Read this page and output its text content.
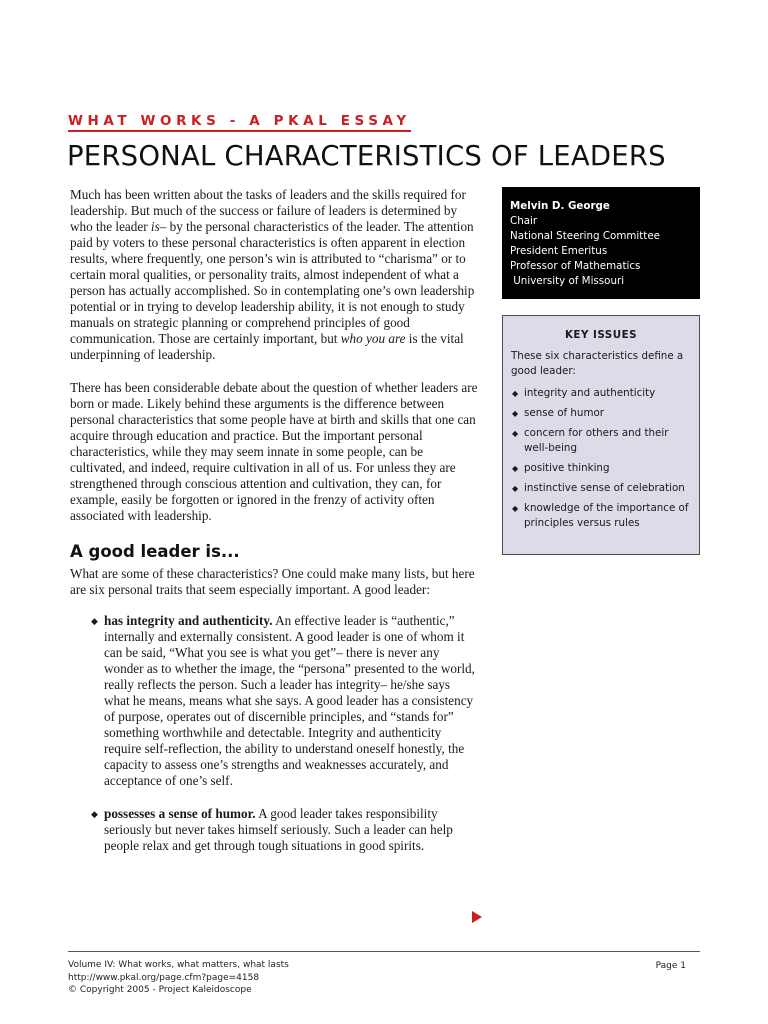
WHAT WORKS - A PKAL ESSAY
PERSONAL CHARACTERISTICS OF LEADERS

Much has been written about the tasks of leaders and the skills required for leadership. But much of the success or failure of leaders is determined by who the leader is– by the personal characteristics of the leader. The attention paid by voters to these personal characteristics is often apparent in election results, where frequently, one person’s win is attributed to “charisma” or to certain moral qualities, or personality traits, almost independent of what a person has actually accomplished. So in contemplating one’s own leadership potential or in trying to develop leadership ability, it is not enough to study manuals on strategic planning or comprehend principles of good communication. Those are certainly important, but who you are is the vital underpinning of leadership.

There has been considerable debate about the question of whether leaders are born or made. Likely behind these arguments is the difference between personal characteristics that some people have at birth and skills that one can acquire through education and practice. But the important personal characteristics, while they may seem innate in some people, can be cultivated, and indeed, require cultivation in all of us. For unless they are strengthened through conscious attention and cultivation, they can, for example, easily be forgotten or ignored in the frenzy of activity often associated with leadership.

A good leader is...

What are some of these characteristics? One could make many lists, but here are six personal traits that seem especially important. A good leader:

◆ has integrity and authenticity. An effective leader is “authentic,” internally and externally consistent. A good leader is one of whom it can be said, “What you see is what you get”– there is never any wonder as to whether the image, the “persona” presented to the world, really reflects the person. Such a leader has integrity– he/she says what he means, means what she says. A good leader has a consistency of purpose, operates out of discernible principles, and “stands for” something worthwhile and detectable. Integrity and authenticity require self-reflection, the ability to understand oneself honestly, the capacity to assess one’s strengths and weaknesses accurately, and acceptance of one’s self.
◆ possesses a sense of humor. A good leader takes responsibility seriously but never takes himself seriously. Such a leader can help people relax and get through tough situations in good spirits.
Melvin D. George
Chair
National Steering Committee
President Emeritus
Professor of Mathematics
University of Missouri
KEY ISSUES

These six characteristics define a good leader:

◆ integrity and authenticity
◆ sense of humor
◆ concern for others and their well-being
◆ positive thinking
◆ instinctive sense of celebration
◆ knowledge of the importance of principles versus rules
Volume IV: What works, what matters, what lasts
http://www.pkal.org/page.cfm?page=4158
© Copyright 2005 - Project Kaleidoscope
Page 1
